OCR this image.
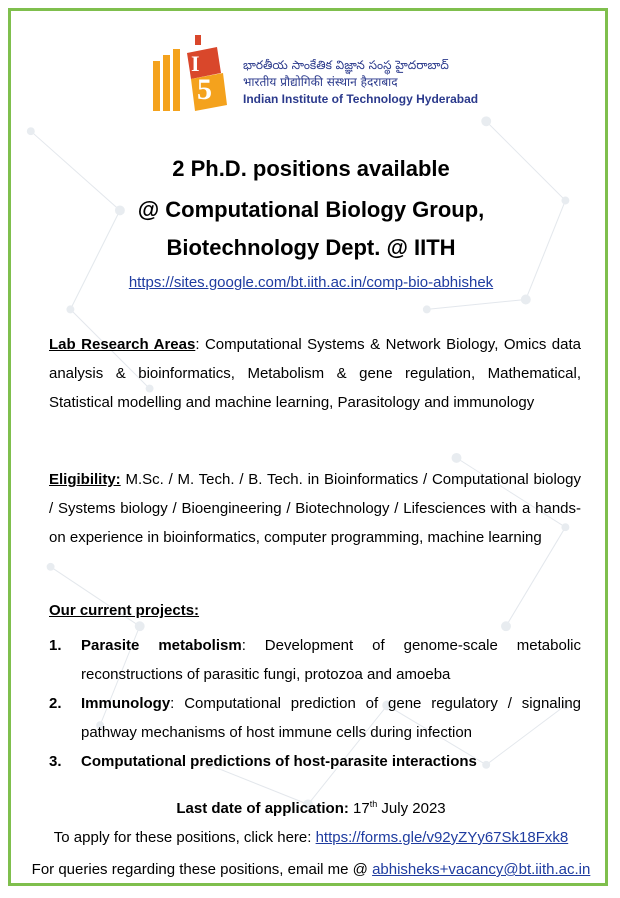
5
I	భారతీయ సాంకేతిక విజ్ఞాన సంస్థ హైదరాబాద్
भारतीय प्रौद्योगिकी संस्थान हैदराबाद
Indian Institute of Technology Hyderabad
2 Ph.D. positions available
@ Computational Biology Group,
Biotechnology Dept. @ IITH
https://sites.google.com/bt.iith.ac.in/comp-bio-abhishek
Lab Research Areas: Computational Systems & Network Biology, Omics data analysis & bioinformatics, Metabolism & gene regulation, Mathematical, Statistical modelling and machine learning, Parasitology and immunology
Eligibility: M.Sc. / M. Tech. / B. Tech. in Bioinformatics / Computational biology / Systems biology / Bioengineering / Biotechnology / Lifesciences with a hands-on experience in bioinformatics, computer programming, machine learning
Our current projects:
1. Parasite metabolism: Development of genome-scale metabolic reconstructions of parasitic fungi, protozoa and amoeba
2. Immunology: Computational prediction of gene regulatory / signaling pathway mechanisms of host immune cells during infection
3. Computational predictions of host-parasite interactions
Last date of application: 17th July 2023
To apply for these positions, click here: https://forms.gle/v92yZYy67Sk18Fxk8
For queries regarding these positions, email me @ abhisheks+vacancy@bt.iith.ac.in
